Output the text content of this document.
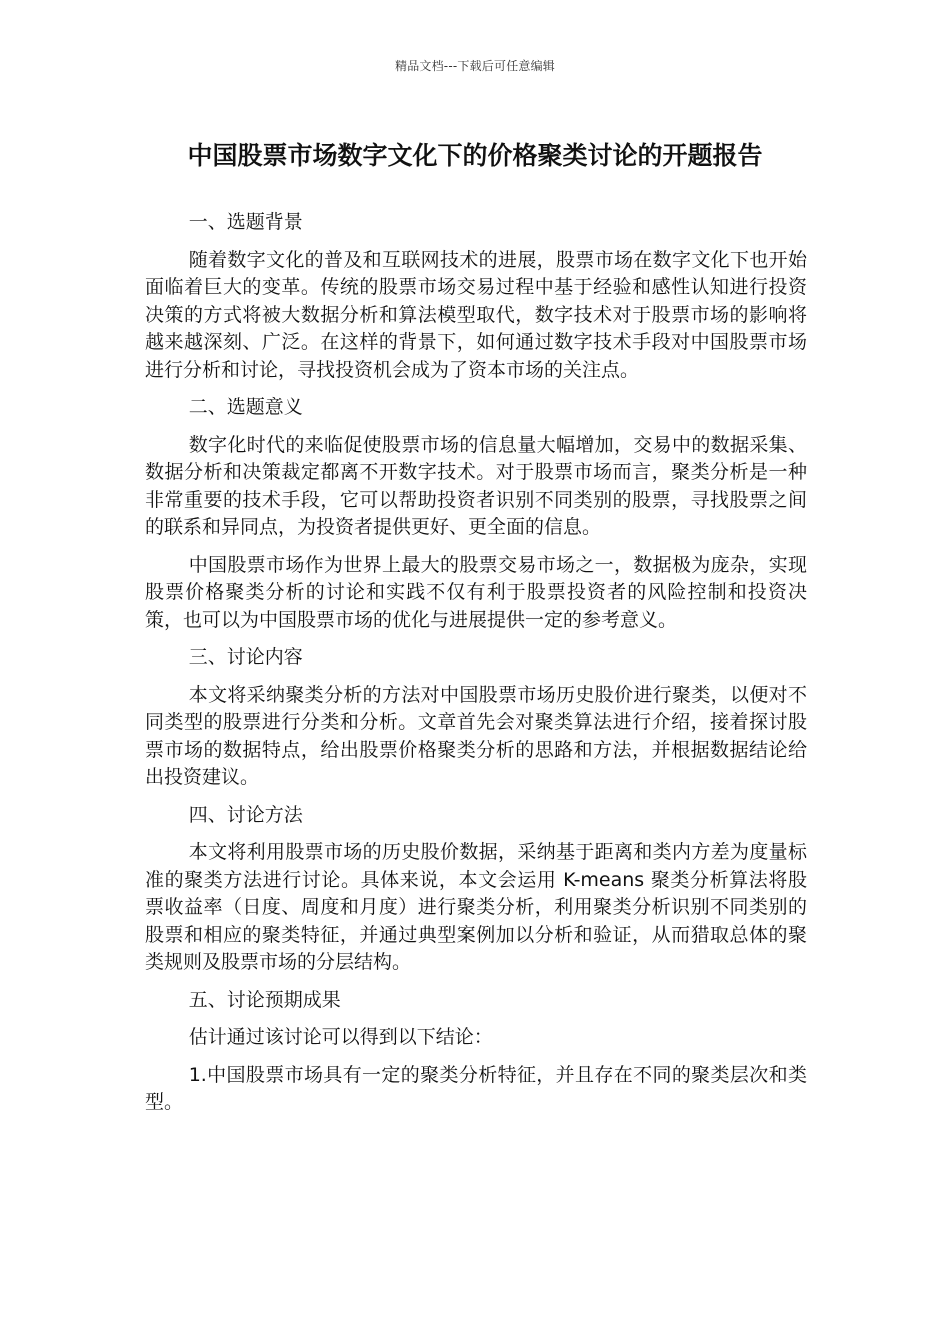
精品文档---下载后可任意编辑
中国股票市场数字文化下的价格聚类讨论的开题报告

一、选题背景

随着数字文化的普及和互联网技术的进展，股票市场在数字文化下也开始面临着巨大的变革。传统的股票市场交易过程中基于经验和感性认知进行投资决策的方式将被大数据分析和算法模型取代，数字技术对于股票市场的影响将越来越深刻、广泛。在这样的背景下，如何通过数字技术手段对中国股票市场进行分析和讨论，寻找投资机会成为了资本市场的关注点。

二、选题意义

数字化时代的来临促使股票市场的信息量大幅增加，交易中的数据采集、数据分析和决策裁定都离不开数字技术。对于股票市场而言，聚类分析是一种非常重要的技术手段，它可以帮助投资者识别不同类别的股票，寻找股票之间的联系和异同点，为投资者提供更好、更全面的信息。

中国股票市场作为世界上最大的股票交易市场之一，数据极为庞杂，实现股票价格聚类分析的讨论和实践不仅有利于股票投资者的风险控制和投资决策，也可以为中国股票市场的优化与进展提供一定的参考意义。

三、讨论内容

本文将采纳聚类分析的方法对中国股票市场历史股价进行聚类，以便对不同类型的股票进行分类和分析。文章首先会对聚类算法进行介绍，接着探讨股票市场的数据特点，给出股票价格聚类分析的思路和方法，并根据数据结论给出投资建议。

四、讨论方法

本文将利用股票市场的历史股价数据，采纳基于距离和类内方差为度量标准的聚类方法进行讨论。具体来说，本文会运用 K-means 聚类分析算法将股票收益率（日度、周度和月度）进行聚类分析，利用聚类分析识别不同类别的股票和相应的聚类特征，并通过典型案例加以分析和验证，从而猎取总体的聚类规则及股票市场的分层结构。

五、讨论预期成果

估计通过该讨论可以得到以下结论：

1.中国股票市场具有一定的聚类分析特征，并且存在不同的聚类层次和类型。
